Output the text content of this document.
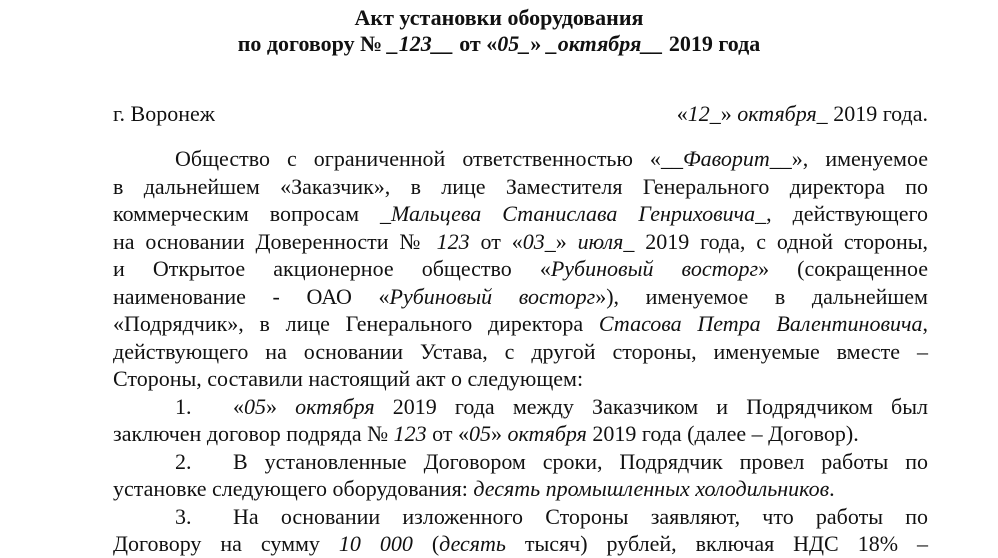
Акт установки оборудования
по договору № _123__ от «05_» _октября__ 2019 года
г. Воронеж	«12_» октября_ 2019 года.
Общество с ограниченной ответственностью «__Фаворит__», именуемое
в дальнейшем «Заказчик», в лице Заместителя Генерального директора по
коммерческим вопросам _Мальцева Станислава Генриховича_, действующего
на основании Доверенности № 123 от «03_» июля_ 2019 года, с одной стороны,
и Открытое акционерное общество «Рубиновый восторг» (сокращенное
наименование - ОАО «Рубиновый восторг»), именуемое в дальнейшем
«Подрядчик», в лице Генерального директора Стасова Петра Валентиновича,
действующего на основании Устава, с другой стороны, именуемые вместе –
Стороны, составили настоящий акт о следующем:
1. «05» октября 2019 года между Заказчиком и Подрядчиком был
заключен договор подряда № 123 от «05» октября 2019 года (далее – Договор).
2. В установленные Договором сроки, Подрядчик провел работы по
установке следующего оборудования: десять промышленных холодильников.
3. На основании изложенного Стороны заявляют, что работы по
Договору на сумму 10 000 (десять тысяч) рублей, включая НДС 18% –
